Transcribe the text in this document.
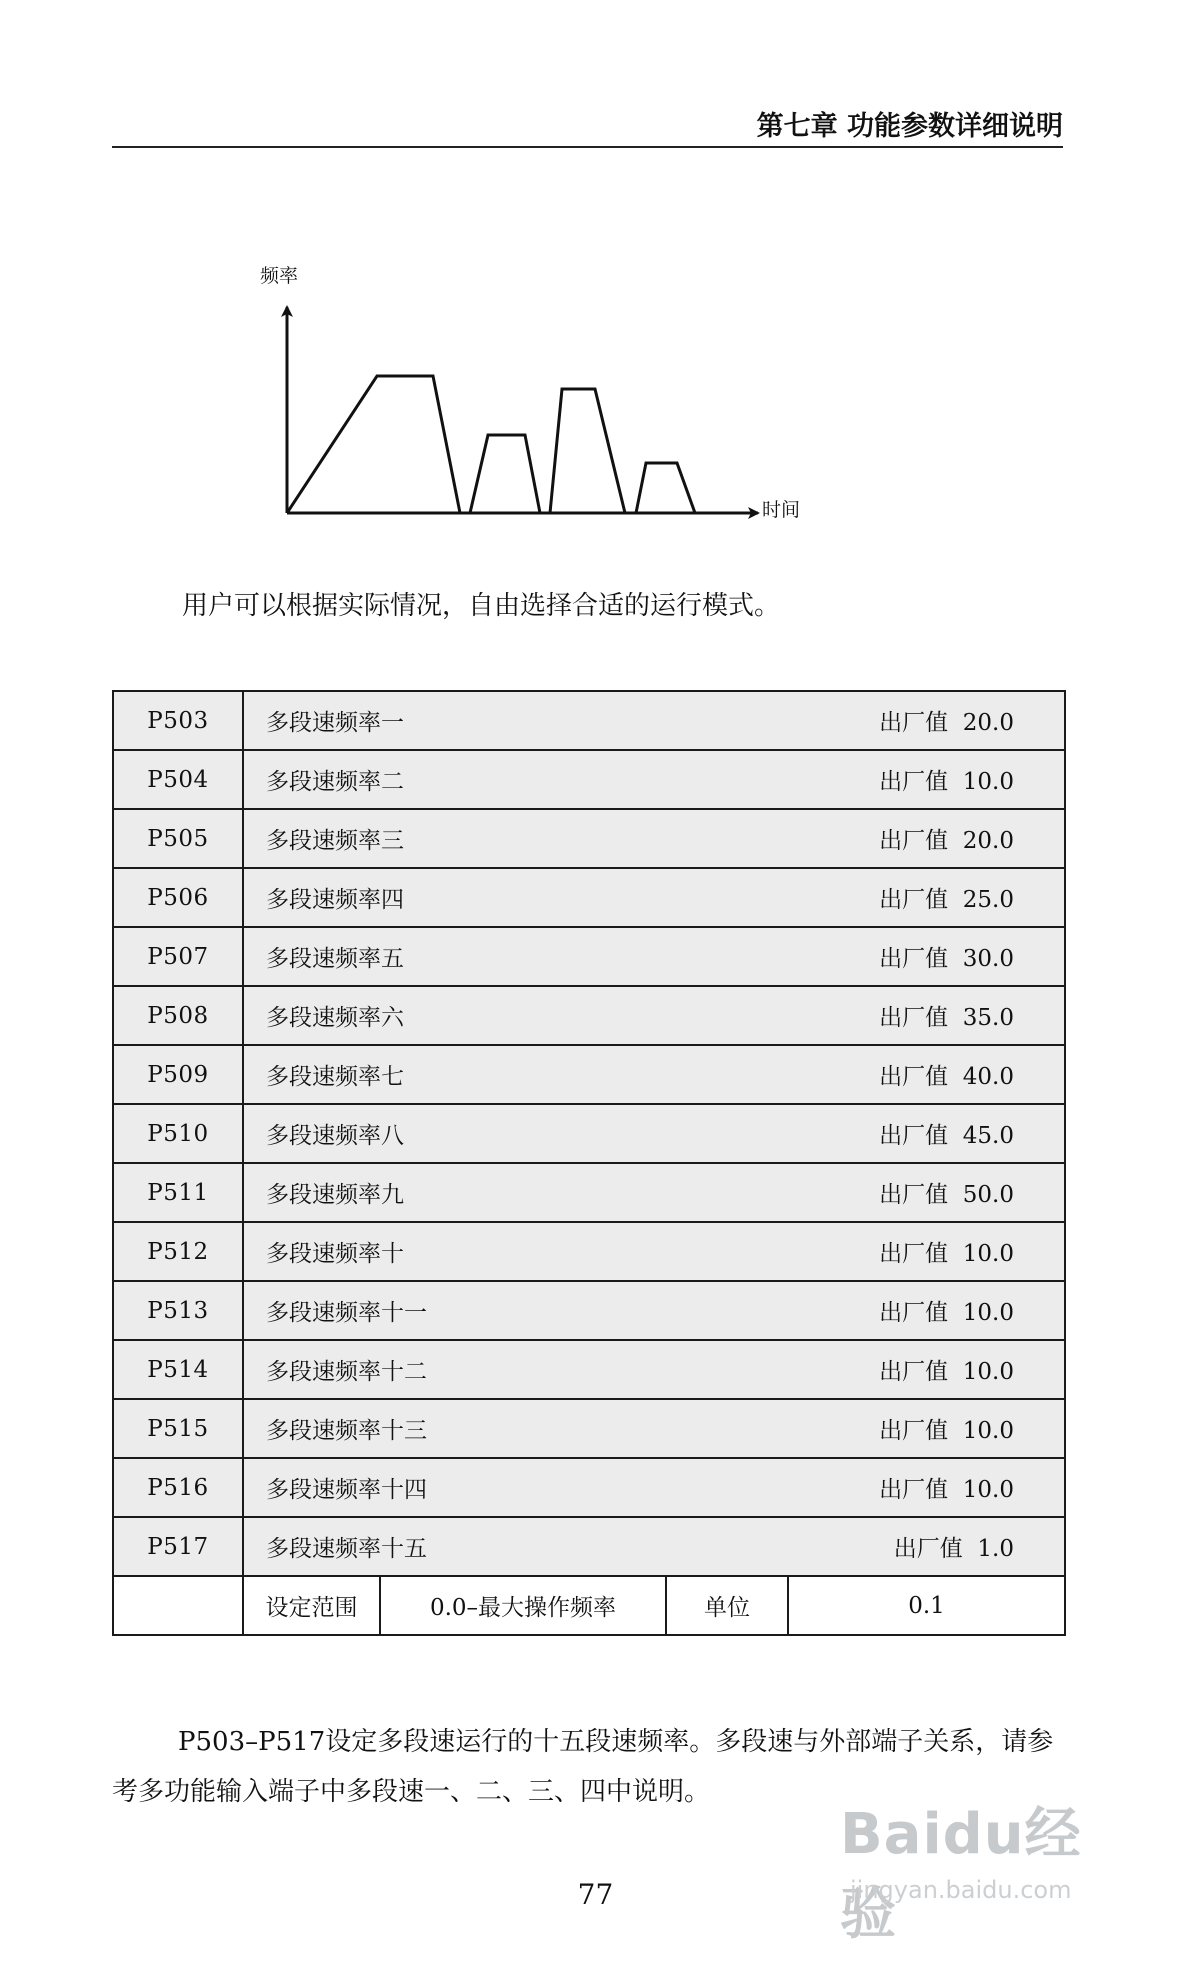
第七章 功能参数详细说明
频率
时间
用户可以根据实际情况，自由选择合适的运行模式。
P503	多段速频率一 出厂值  20.0			

P504	多段速频率二 出厂值  10.0			

P505	多段速频率三 出厂值  20.0			

P506	多段速频率四 出厂值  25.0			

P507	多段速频率五 出厂值  30.0			

P508	多段速频率六 出厂值  35.0			

P509	多段速频率七 出厂值  40.0			

P510	多段速频率八 出厂值  45.0			

P511	多段速频率九 出厂值  50.0			

P512	多段速频率十 出厂值  10.0			

P513	多段速频率十一 出厂值  10.0			

P514	多段速频率十二 出厂值  10.0			

P515	多段速频率十三 出厂值  10.0			

P516	多段速频率十四 出厂值  10.0			

P517	多段速频率十五 出厂值  1.0			

	设定范围	0.0–最大操作频率	单位	0.1
P503–P517设定多段速运行的十五段速频率。多段速与外部端子关系，请参考多功能输入端子中多段速一、二、三、四中说明。
77
Baidu经验
jingyan.baidu.com
